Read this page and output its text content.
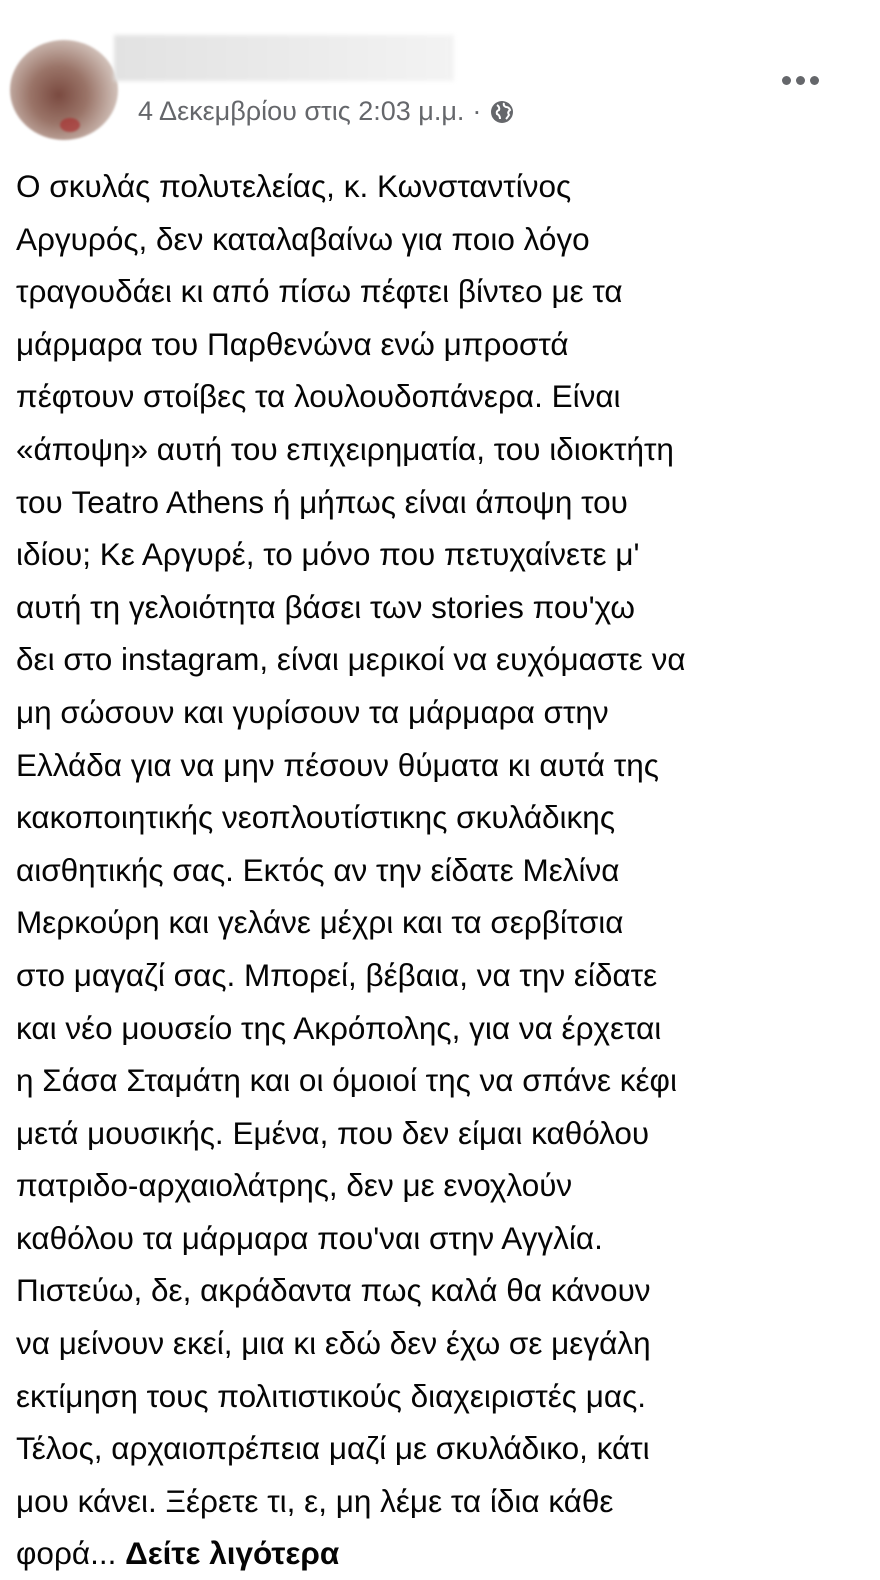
4 Δεκεμβρίου στις 2:03 μ.μ. ·
Ο σκυλάς πολυτελείας, κ. Κωνσταντίνος
Αργυρός, δεν καταλαβαίνω για ποιο λόγο
τραγουδάει κι από πίσω πέφτει βίντεο με τα
μάρμαρα του Παρθενώνα ενώ μπροστά
πέφτουν στοίβες τα λουλουδοπάνερα. Είναι
«άποψη» αυτή του επιχειρηματία, του ιδιοκτήτη
του Teatro Athens ή μήπως είναι άποψη του
ιδίου; Κε Αργυρέ, το μόνο που πετυχαίνετε μ'
αυτή τη γελοιότητα βάσει των stories που'χω
δει στο instagram, είναι μερικοί να ευχόμαστε να
μη σώσουν και γυρίσουν τα μάρμαρα στην
Ελλάδα για να μην πέσουν θύματα κι αυτά της
κακοποιητικής νεοπλουτίστικης σκυλάδικης
αισθητικής σας. Εκτός αν την είδατε Μελίνα
Μερκούρη και γελάνε μέχρι και τα σερβίτσια
στο μαγαζί σας. Μπορεί, βέβαια, να την είδατε
και νέο μουσείο της Ακρόπολης, για να έρχεται
η Σάσα Σταμάτη και οι όμοιοί της να σπάνε κέφι
μετά μουσικής. Εμένα, που δεν είμαι καθόλου
πατριδο-αρχαιολάτρης, δεν με ενοχλούν
καθόλου τα μάρμαρα που'ναι στην Αγγλία.
Πιστεύω, δε, ακράδαντα πως καλά θα κάνουν
να μείνουν εκεί, μια κι εδώ δεν έχω σε μεγάλη
εκτίμηση τους πολιτιστικούς διαχειριστές μας.
Τέλος, αρχαιοπρέπεια μαζί με σκυλάδικο, κάτι
μου κάνει. Ξέρετε τι, ε, μη λέμε τα ίδια κάθε
φορά... Δείτε λιγότερα
